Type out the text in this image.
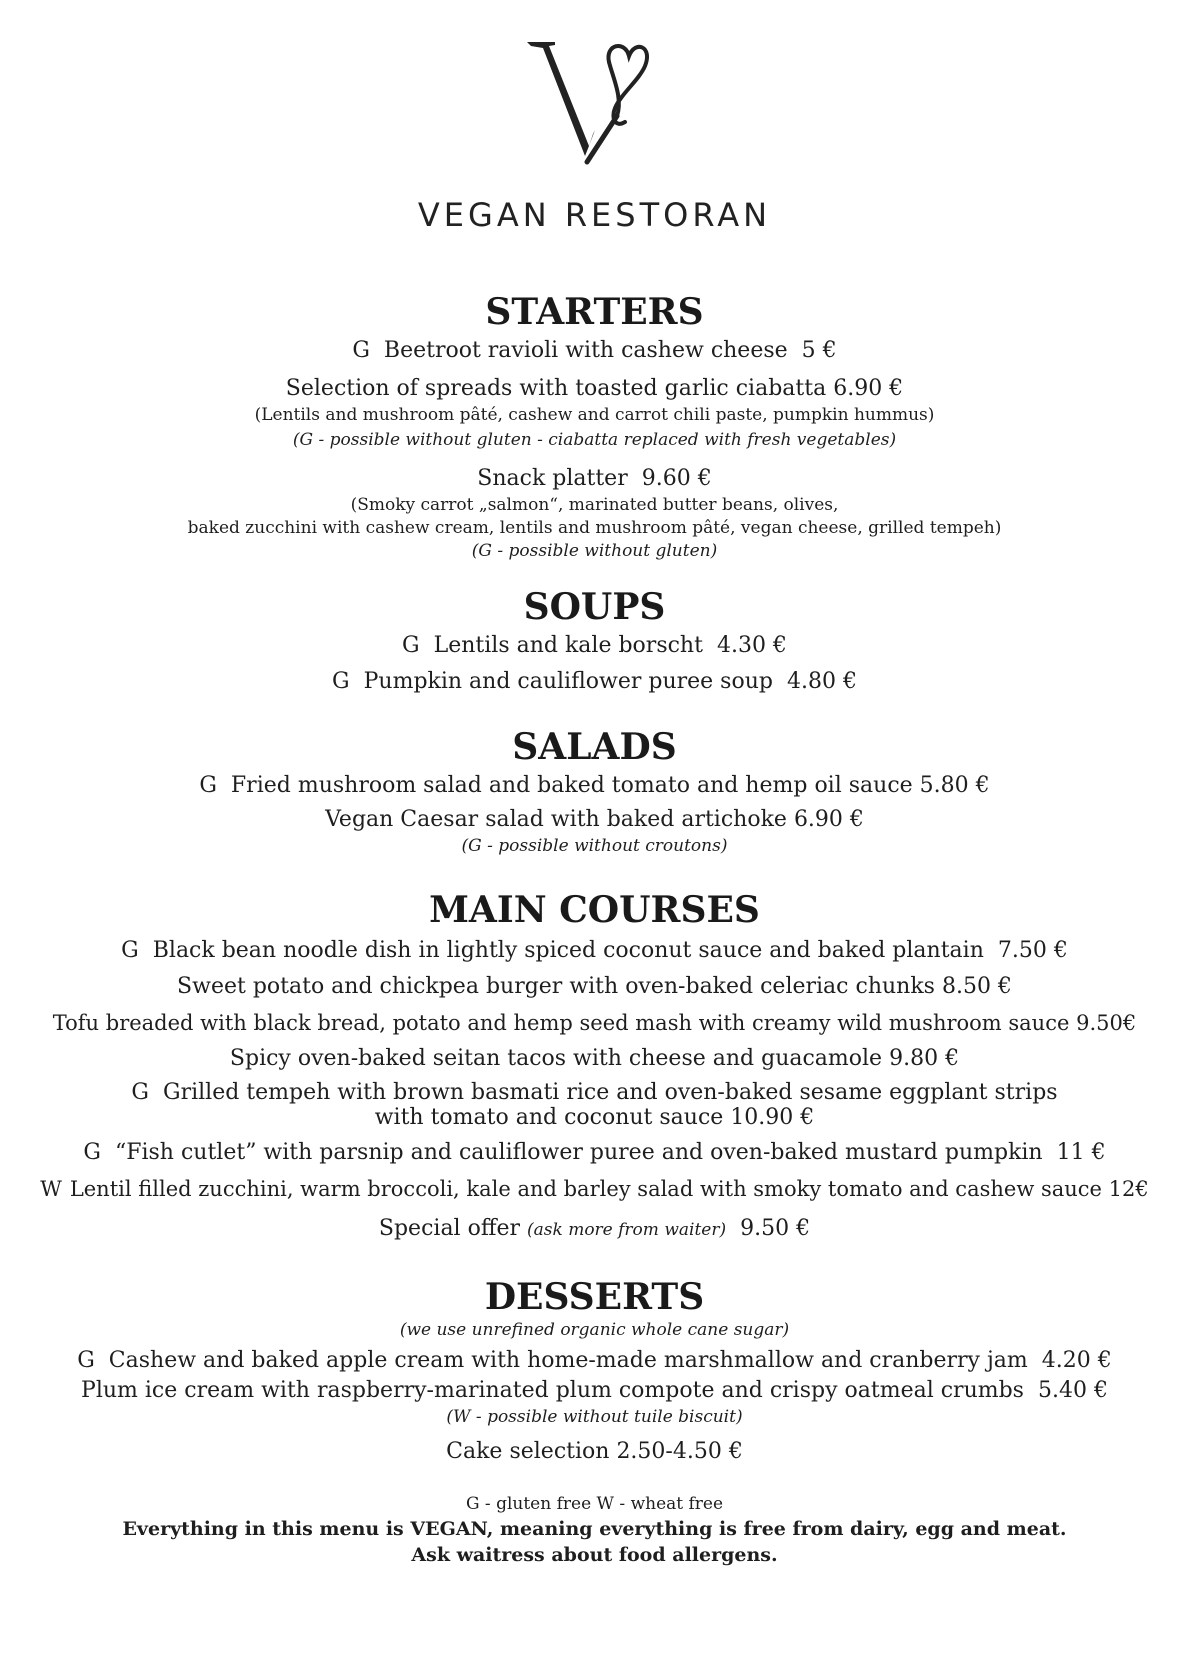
VEGAN RESTORAN

STARTERS

G Beetroot ravioli with cashew cheese 5 €

Selection of spreads with toasted garlic ciabatta 6.90 €

(Lentils and mushroom pâté, cashew and carrot chili paste, pumpkin hummus)

(G - possible without gluten - ciabatta replaced with fresh vegetables)

Snack platter 9.60 €

(Smoky carrot „salmon“, marinated butter beans, olives,

baked zucchini with cashew cream, lentils and mushroom pâté, vegan cheese, grilled tempeh)

(G - possible without gluten)

SOUPS

G Lentils and kale borscht 4.30 €

G Pumpkin and cauliflower puree soup 4.80 €

SALADS

G Fried mushroom salad and baked tomato and hemp oil sauce 5.80 €

Vegan Caesar salad with baked artichoke 6.90 €

(G - possible without croutons)

MAIN COURSES

G Black bean noodle dish in lightly spiced coconut sauce and baked plantain 7.50 €

Sweet potato and chickpea burger with oven-baked celeriac chunks 8.50 €

Tofu breaded with black bread, potato and hemp seed mash with creamy wild mushroom sauce 9.50€

Spicy oven-baked seitan tacos with cheese and guacamole 9.80 €

G Grilled tempeh with brown basmati rice and oven-baked sesame eggplant strips

with tomato and coconut sauce 10.90 €

G “Fish cutlet” with parsnip and cauliflower puree and oven-baked mustard pumpkin 11 €

W Lentil filled zucchini, warm broccoli, kale and barley salad with smoky tomato and cashew sauce 12€

Special offer (ask more from waiter) 9.50 €

DESSERTS

(we use unrefined organic whole cane sugar)

G Cashew and baked apple cream with home-made marshmallow and cranberry jam 4.20 €

Plum ice cream with raspberry-marinated plum compote and crispy oatmeal crumbs 5.40 €

(W - possible without tuile biscuit)

Cake selection 2.50-4.50 €

G - gluten free W - wheat free

Everything in this menu is VEGAN, meaning everything is free from dairy, egg and meat.

Ask waitress about food allergens.
